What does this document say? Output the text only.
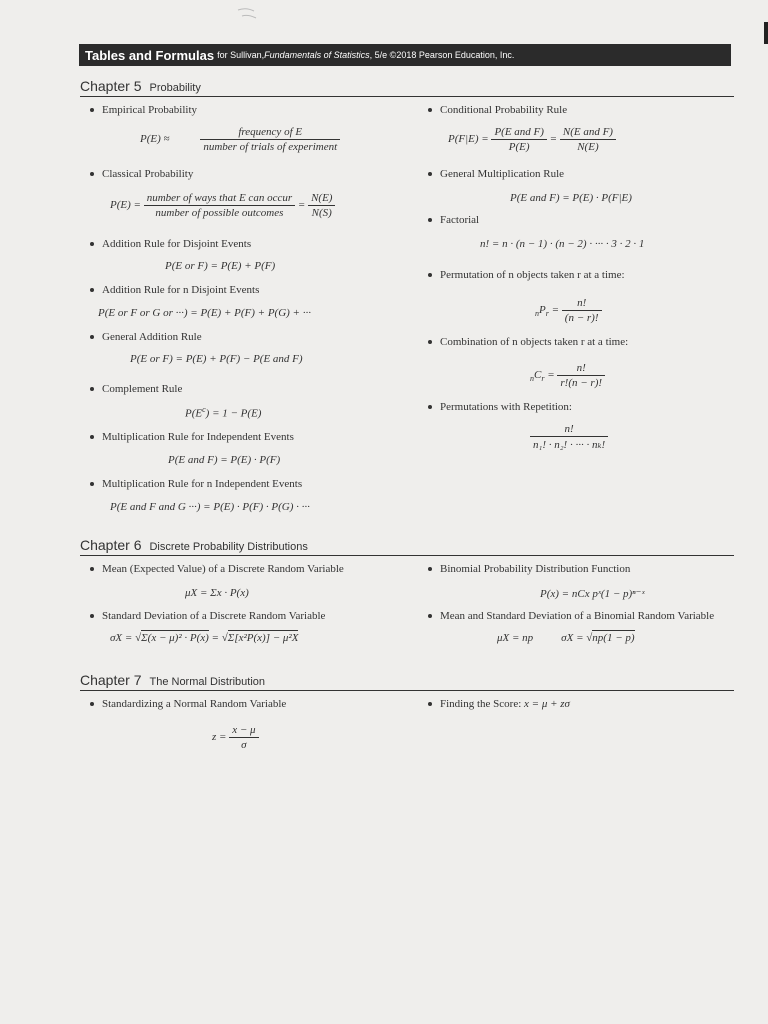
Tables and Formulas for Sullivan, Fundamentals of Statistics , 5/e ©2018 Pearson Education, Inc.
Chapter 5 Probability
Empirical Probability
P(E) ≈	$\frac{\text{frequency of E}}{\text{number of trials of experiment}}$
Classical Probability
$P(E) = \frac{\text{number of ways that E can occur}}{\text{number of possible outcomes}} = \frac{N(E)}{N(S)}$
Addition Rule for Disjoint Events
P(E or F) = P(E) + P(F)
Addition Rule for n Disjoint Events
P(E or F or G or ···) = P(E) + P(F) + P(G) + ···
General Addition Rule
P(E or F) = P(E) + P(F) − P(E and F)
Complement Rule
$P(E^c) = 1 - P(E)$
Multiplication Rule for Independent Events
P(E and F) = P(E) · P(F)
Multiplication Rule for n Independent Events
P(E and F and G ···) = P(E) · P(F) · P(G) · ···
Conditional Probability Rule
$P(F|E) = \frac{\text{P(E and F)}}{P(E)} = \frac{\text{N(E and F)}}{N(E)}$
General Multiplication Rule
P(E and F) = P(E) · P(F|E)
Factorial
n! = n · (n − 1) · (n − 2) · ··· · 3 · 2 · 1
Permutation of n objects taken r at a time:
$_nP_r = \frac{n!}{(n - r)!}$
Combination of n objects taken r at a time:
$_nC_r = \frac{n!}{r!(n - r)!}$
Permutations with Repetition:
$\frac{n!}{\text{n₁! · n₂! · ··· · nₖ!}}$
Chapter 6 Discrete Probability Distributions
Mean (Expected Value) of a Discrete Random Variable
μX = Σx · P(x)
Standard Deviation of a Discrete Random Variable
σX = √Σ(x − μ)² · P(x) = √Σ[x²P(x)] − μ²X
Binomial Probability Distribution Function
P(x) = nCx pˣ(1 − p)ⁿ⁻ˣ
Mean and Standard Deviation of a Binomial Random Variable
μX = np	σX = √np(1 − p)
Chapter 7 The Normal Distribution
Standardizing a Normal Random Variable
$z = \frac{x - \mu}{\sigma}$
Finding the Score: x = μ + zσ
